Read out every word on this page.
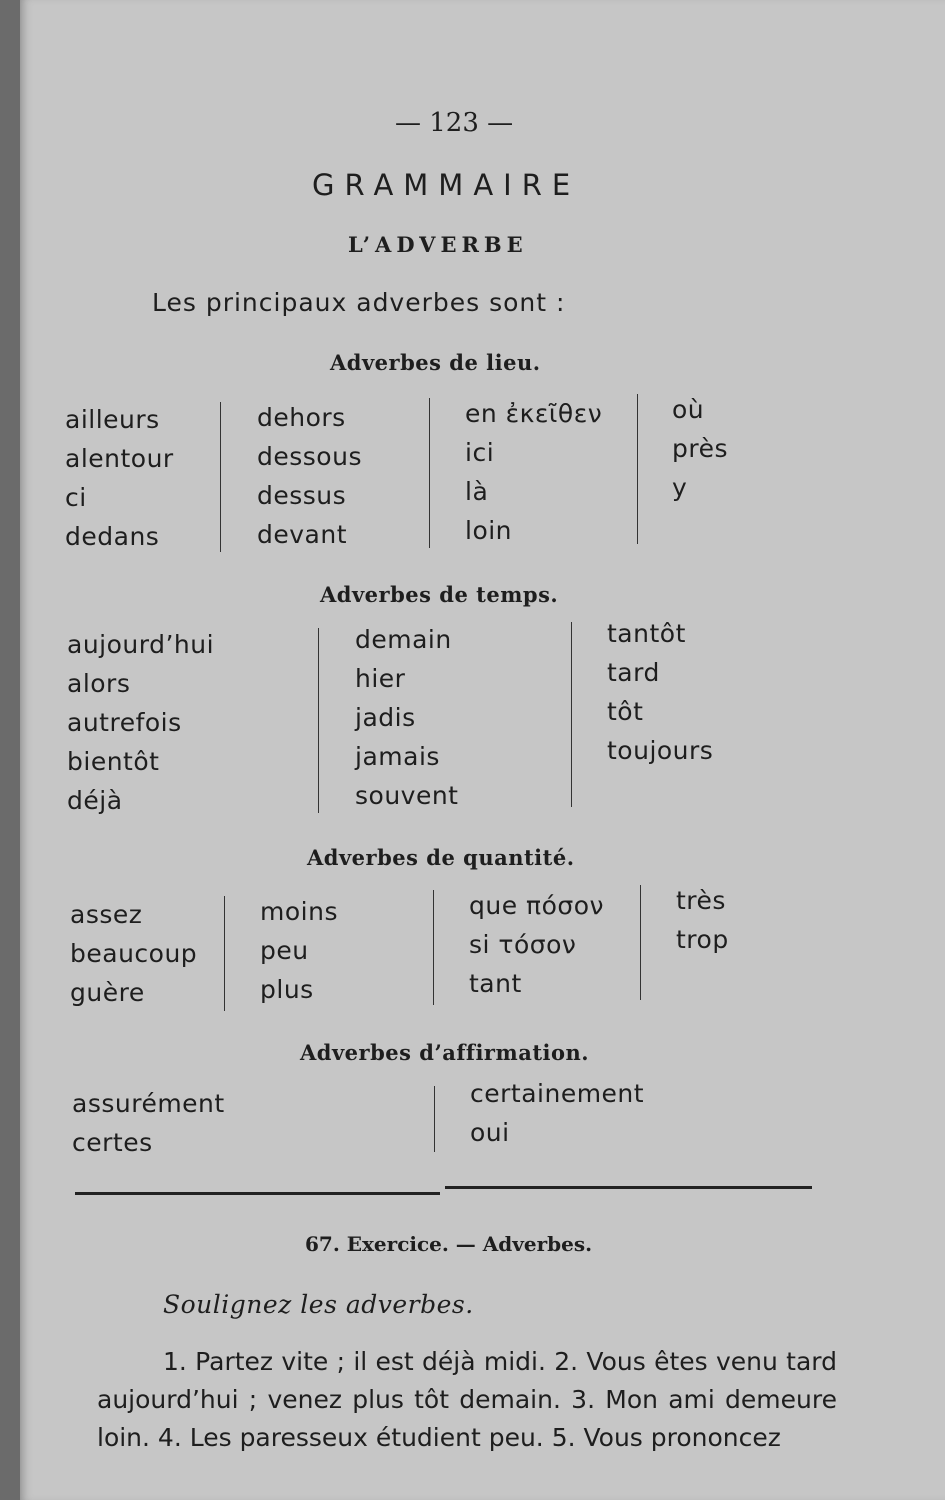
— 123 —
GRAMMAIRE
L’ADVERBE
Les principaux adverbes sont :
Adverbes de lieu.
ailleurs
alentour
ci
dedans
dehors
dessous
dessus
devant
en ἐκεῖθεν
ici
là
loin
où
près
y
Adverbes de temps.
aujourd’hui
alors
autrefois
bientôt
déjà
demain
hier
jadis
jamais
souvent
tantôt
tard
tôt
toujours
Adverbes de quantité.
assez
beaucoup
guère
moins
peu
plus
que πόσον
si τόσον
tant
très
trop
Adverbes d’affirmation.
assurément
certes
certainement
oui
67. Exercice. — Adverbes.
Soulignez les adverbes.
1. Partez vite ; il est déjà midi. 2. Vous êtes venu tard aujourd’hui ; venez plus tôt demain. 3. Mon ami demeure loin. 4. Les paresseux étudient peu. 5. Vous prononcez
